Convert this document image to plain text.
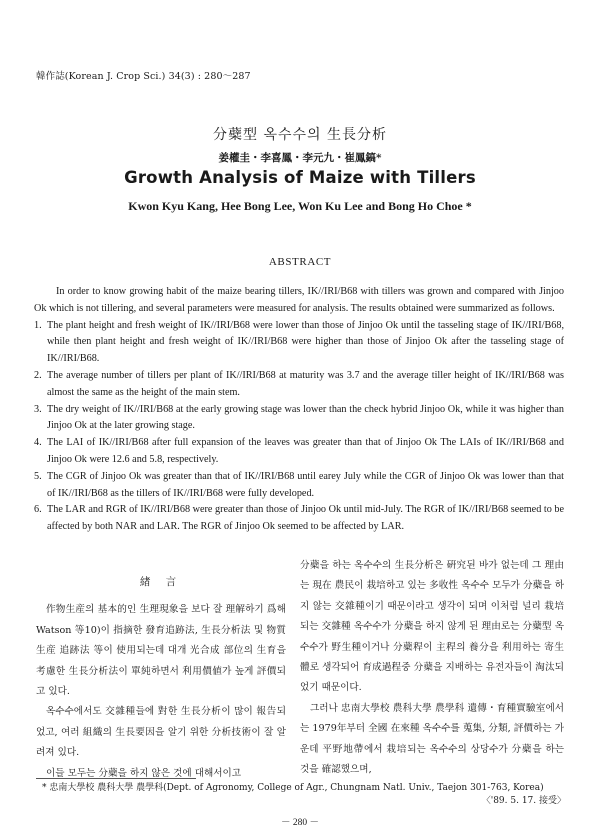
韓作誌(Korean J. Crop Sci.) 34(3) : 280～287
分蘗型 옥수수의 生長分析
姜權圭・李喜鳳・李元九・崔鳳鎬*
Growth Analysis of Maize with Tillers
Kwon Kyu Kang, Hee Bong Lee, Won Ku Lee and Bong Ho Choe *
ABSTRACT

In order to know growing habit of the maize bearing tillers, IK//IRI/B68 with tillers was grown and compared with Jinjoo Ok which is not tillering, and several parameters were measured for analysis. The results obtained were summarized as follows.

1. The plant height and fresh weight of IK//IRI/B68 were lower than those of Jinjoo Ok until the tasseling stage of IK//IRI/B68, while then plant height and fresh weight of IK//IRI/B68 were higher than those of Jinjoo Ok after the tasseling stage of IK//IRI/B68.
2. The average number of tillers per plant of IK//IRI/B68 at maturity was 3.7 and the average tiller height of IK//IRI/B68 was almost the same as the height of the main stem.
3. The dry weight of IK//IRI/B68 at the early growing stage was lower than the check hybrid Jinjoo Ok, while it was higher than Jinjoo Ok at the later growing stage.
4. The LAI of IK//IRI/B68 after full expansion of the leaves was greater than that of Jinjoo Ok The LAIs of IK//IRI/B68 and Jinjoo Ok were 12.6 and 5.8, respectively.
5. The CGR of Jinjoo Ok was greater than that of IK//IRI/B68 until earey July while the CGR of Jinjoo Ok was lower than that of IK//IRI/B68 as the tillers of IK//IRI/B68 were fully developed.
6. The LAR and RGR of IK//IRI/B68 were greater than those of Jinjoo Ok until mid-July. The RGR of IK//IRI/B68 seemed to be affected by both NAR and LAR. The RGR of Jinjoo Ok seemed to be affected by LAR.
緖 言

作物生産의 基本的인 生理現象을 보다 잘 理解하기 爲해 Watson 等10)이 指摘한 發育追跡法, 生長分析法 및 物質生産 追跡法 等이 使用되는데 대개 光合成 部位의 生育을 考慮한 生長分析法이 單純하면서 利用價値가 높게 評價되고 있다.

옥수수에서도 交雜種들에 對한 生長分析이 많이 報告되었고, 여러 組織의 生長要因을 알기 위한 分析技術이 잘 알려져 있다.

이들 모두는 分蘗을 하지 않은 것에 대해서이고

分蘗을 하는 옥수수의 生長分析은 硏究된 바가 없는데 그 理由는 現在 農民이 栽培하고 있는 多收性 옥수수 모두가 分蘗을 하지 않는 交雜種이기 때문이라고 생각이 되며 이처럼 널리 栽培되는 交雜種 옥수수가 分蘗을 하지 않게 된 理由로는 分蘗型 옥수수가 野生種이거나 分蘗稈이 主稈의 養分을 利用하는 寄生體로 생각되어 育成過程중 分蘗을 지배하는 유전자들이 淘汰되었기 때문이다.

그러나 忠南大學校 農科大學 農學科 遺傳・育種實驗室에서는 1979年부터 全國 在來種 옥수수를 蒐集, 分類, 評價하는 가운데 平野地帶에서 栽培되는 옥수수의 상당수가 分蘗을 하는 것을 確認했으며,

* 忠南大學校 農科大學 農學科(Dept. of Agronomy, College of Agr., Chungnam Natl. Univ., Taejon 301-763, Korea)
〈'89. 5. 17. 接受〉
－ 280 －
